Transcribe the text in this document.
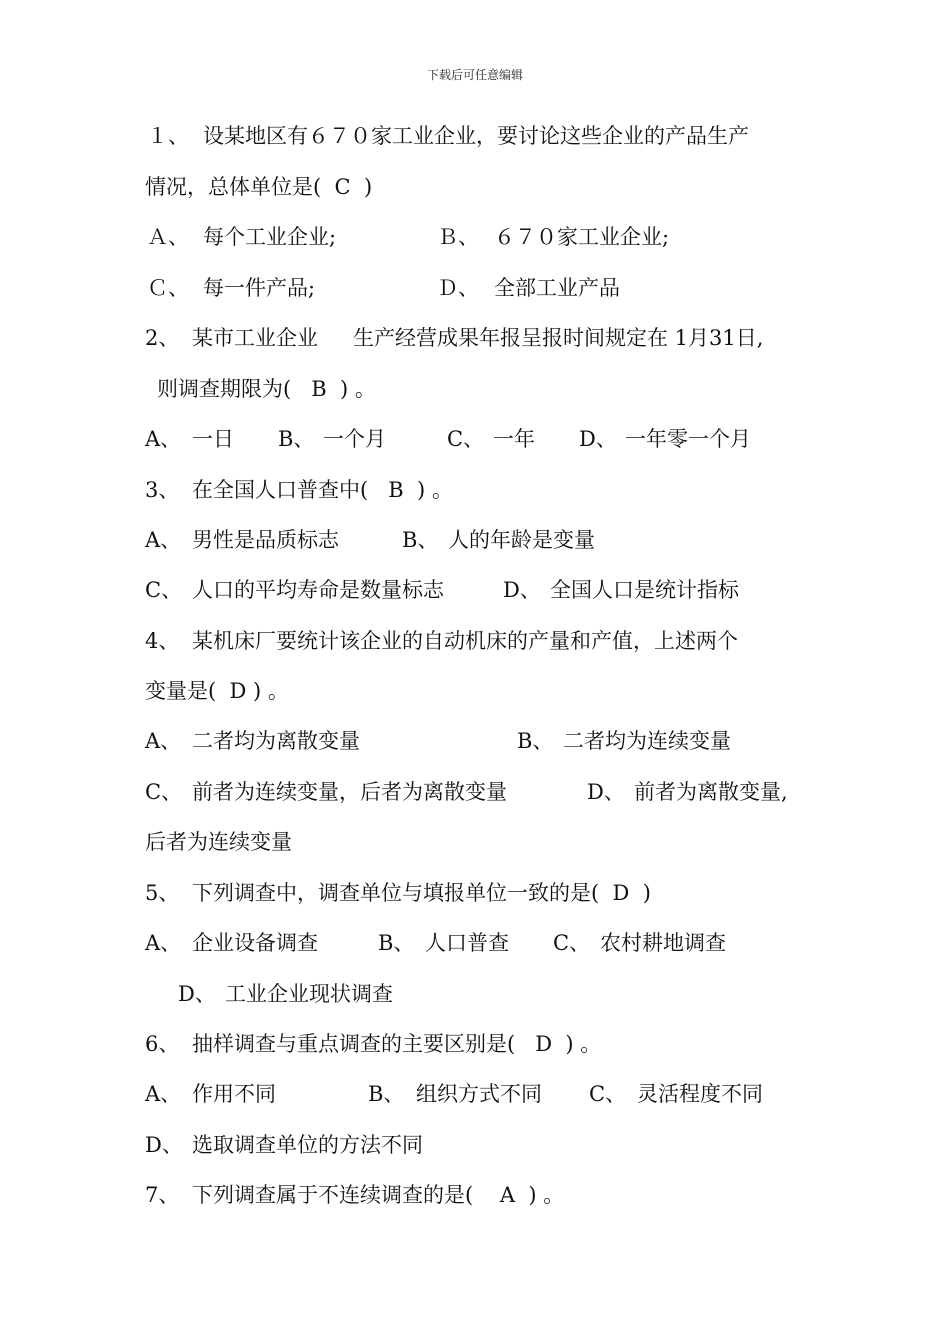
下载后可任意编辑
１、 设某地区有６７０家工业企业，要讨论这些企业的产品生产
情况，总体单位是(  C  )
Ａ、 每个工业企业;	Ｂ、 ６７０家工业企业;
Ｃ、 每一件产品;	Ｄ、 全部工业产品
2、 某市工业企业 生产经营成果年报呈报时间规定在 1月31日,
则调查期限为(   B  ) 。
A、 一日 B、 一个月	C、 一年 D、 一年零一个月
3、 在全国人口普查中(   B  ) 。
A、 男性是品质标志	B、 人的年龄是变量
C、 人口的平均寿命是数量标志	D、 全国人口是统计指标
4、 某机床厂要统计该企业的自动机床的产量和产值，上述两个
变量是(  D ) 。
A、 二者均为离散变量	B、 二者均为连续变量
C、 前者为连续变量，后者为离散变量	D、 前者为离散变量,
后者为连续变量
5、 下列调查中，调查单位与填报单位一致的是(  D  )
A、 企业设备调查	B、 人口普查 C、 农村耕地调查
D、 工业企业现状调查
6、 抽样调查与重点调查的主要区别是(   D  ) 。
A、 作用不同	B、 组织方式不同 C、 灵活程度不同
D、 选取调查单位的方法不同
7、 下列调查属于不连续调查的是(    A  ) 。
